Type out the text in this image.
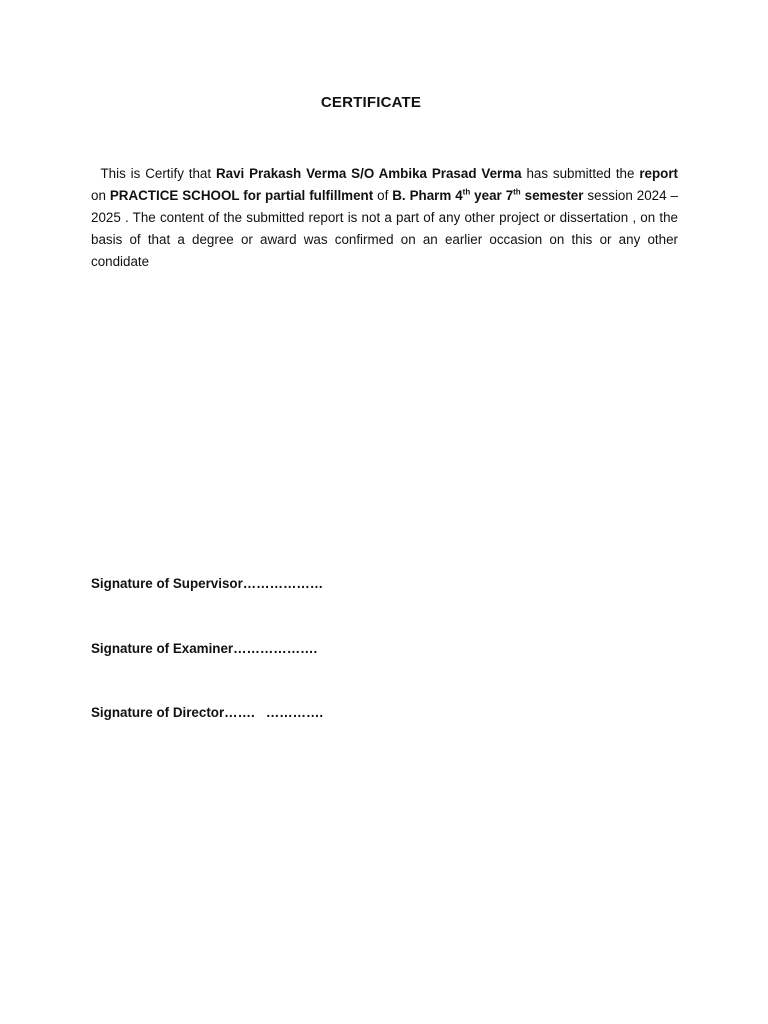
CERTIFICATE

This is Certify that Ravi Prakash Verma S/O Ambika Prasad Verma has submitted the report on PRACTICE SCHOOL for partial fulfillment of B. Pharm 4th year 7th semester session 2024 – 2025 . The content of the submitted report is not a part of any other project or dissertation , on the basis of that a degree or award was confirmed on an earlier occasion on this or any other condidate

Signature of Supervisor………………
Signature of Examiner……………….
Signature of Director…….   ………….
